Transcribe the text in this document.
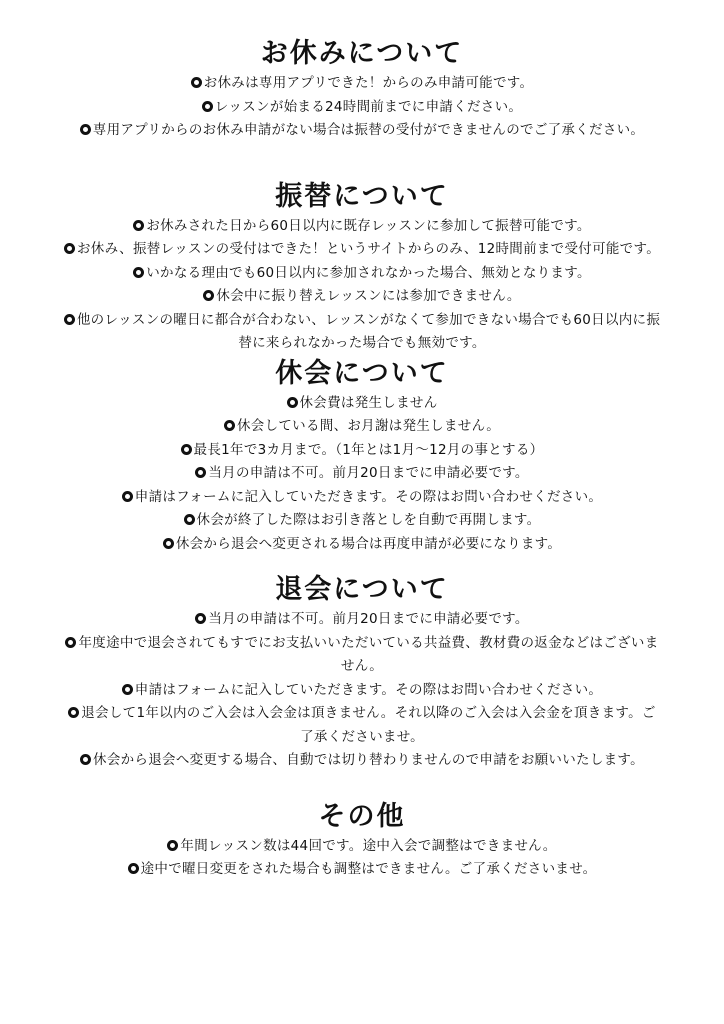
お休みについて
お休みは専用アプリできた！からのみ申請可能です。
レッスンが始まる24時間前までに申請ください。
専用アプリからのお休み申請がない場合は振替の受付ができませんのでご了承ください。
振替について
お休みされた日から60日以内に既存レッスンに参加して振替可能です。
お休み、振替レッスンの受付はできた！というサイトからのみ、12時間前まで受付可能です。
いかなる理由でも60日以内に参加されなかった場合、無効となります。
休会中に振り替えレッスンには参加できません。
他のレッスンの曜日に都合が合わない、レッスンがなくて参加できない場合でも60日以内に振替に来られなかった場合でも無効です。
休会について
休会費は発生しません
休会している間、お月謝は発生しません。
最長1年で3カ月まで。（1年とは1月～12月の事とする）
当月の申請は不可。前月20日までに申請必要です。
申請はフォームに記入していただきます。その際はお問い合わせください。
休会が終了した際はお引き落としを自動で再開します。
休会から退会へ変更される場合は再度申請が必要になります。
退会について
当月の申請は不可。前月20日までに申請必要です。
年度途中で退会されてもすでにお支払いいただいている共益費、教材費の返金などはございません。
申請はフォームに記入していただきます。その際はお問い合わせください。
退会して1年以内のご入会は入会金は頂きません。それ以降のご入会は入会金を頂きます。ご了承くださいませ。
休会から退会へ変更する場合、自動では切り替わりませんので申請をお願いいたします。
その他
年間レッスン数は44回です。途中入会で調整はできません。
途中で曜日変更をされた場合も調整はできません。ご了承くださいませ。
